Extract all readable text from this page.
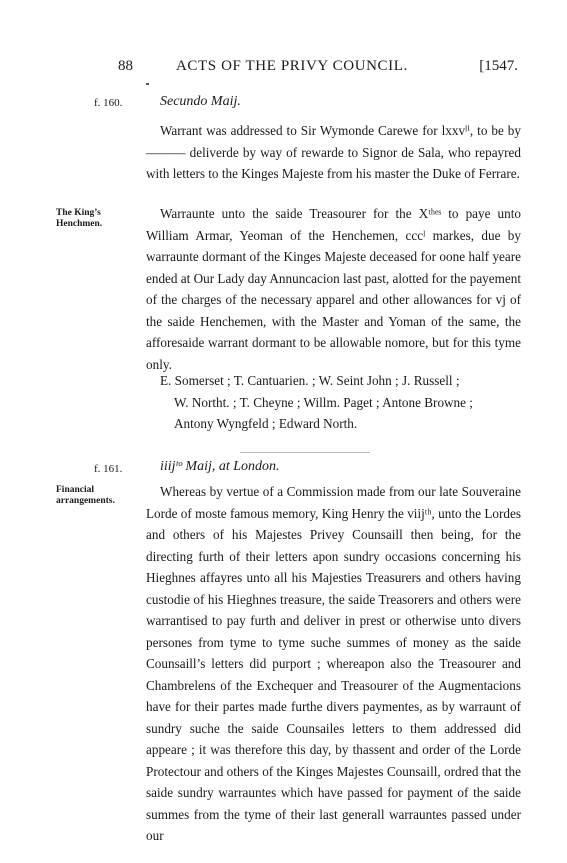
88	ACTS OF THE PRIVY COUNCIL.	[1547.
f. 160.	Secundo Maij.

Warrant was addressed to Sir Wymonde Carewe for lxxvˡⁱ, to be by ——— deliverde by way of rewarde to Signor de Sala, who repayred with letters to the Kinges Majeste from his master the Duke of Ferrare.

The King’s Henchmen.

Warraunte unto the saide Treasourer for the Xᵗʰᵉˢ to paye unto William Armar, Yeoman of the Henchemen, cccˡ markes, due by warraunte dormant of the Kinges Majeste deceased for oone half yeare ended at Our Lady day Annuncacion last past, alotted for the payement of the charges of the necessary apparel and other allowances for vj of the saide Henchemen, with the Master and Yoman of the same, the afforesaide warrant dormant to be allowable nomore, but for this tyme only.

E. Somerset ; T. Cantuarien. ; W. Seint John ; J. Russell ;
W. Northt. ; T. Cheyne ; Willm. Paget ; Antone Browne ;
Antony Wyngfeld ; Edward North.
f. 161.	iiijᵗᵒ Maij, at London.
Financial arrangements.

Whereas by vertue of a Commission made from our late Souveraine Lorde of moste famous memory, King Henry the viijᵗʰ, unto the Lordes and others of his Majestes Privey Counsaill then being, for the directing furth of their letters apon sundry occasions concerning his Hieghnes affayres unto all his Majesties Treasurers and others having custodie of his Hieghnes treasure, the saide Treasorers and others were warrantised to pay furth and deliver in prest or otherwise unto divers persones from tyme to tyme suche summes of money as the saide Counsaill’s letters did purport ; whereapon also the Treasourer and Chambrelens of the Exchequer and Treasourer of the Augmentacions have for their partes made furthe divers paymentes, as by warraunt of sundry suche the saide Counsailes letters to them addressed did appeare ; it was therefore this day, by thassent and order of the Lorde Protectour and others of the Kinges Majestes Counsaill, ordred that the saide sundry warrauntes which have passed for payment of the saide summes from the tyme of their last generall warrauntes passed under our
